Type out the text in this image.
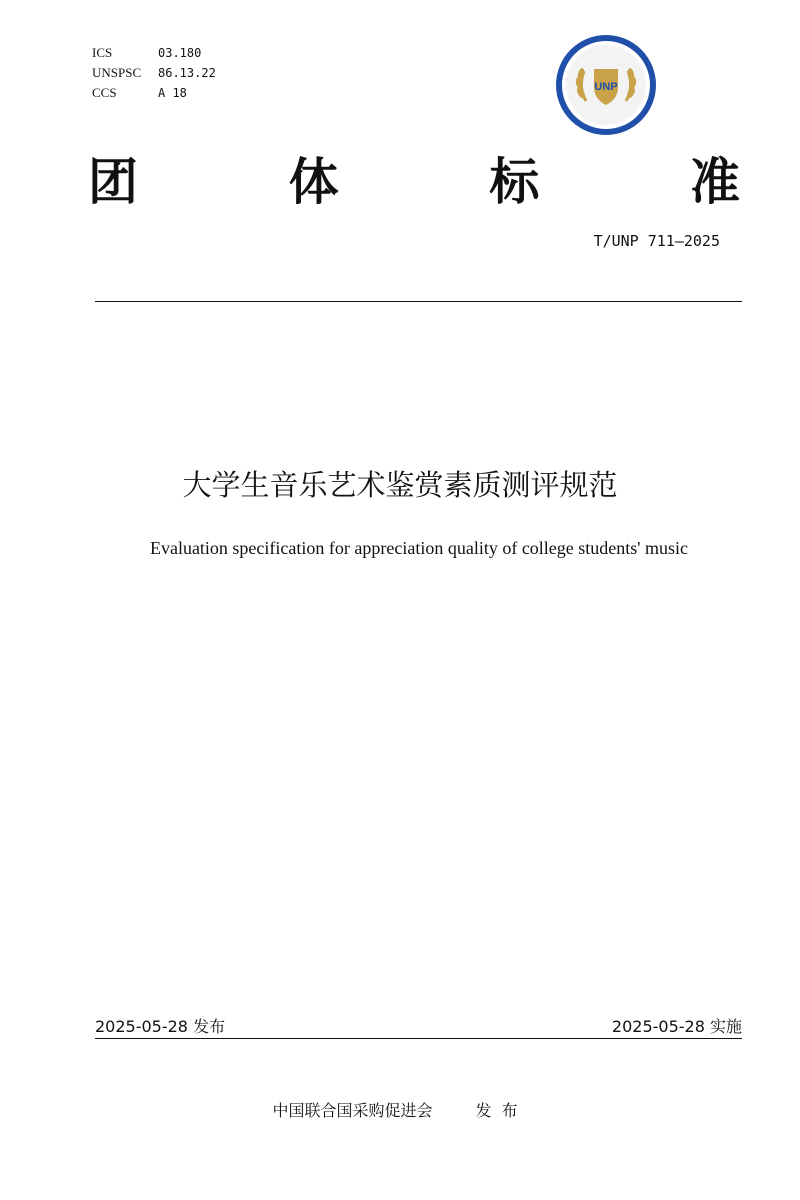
ICS	03.180
UNSPSC	86.13.22
CCS	A 18	UNP
团	体	标	准
T/UNP 711—2025
大学生音乐艺术鉴赏素质测评规范
Evaluation specification for appreciation quality of college students' music
2025-05-28 发布	2025-05-28 实施
中国联合国采购促进会	发布
